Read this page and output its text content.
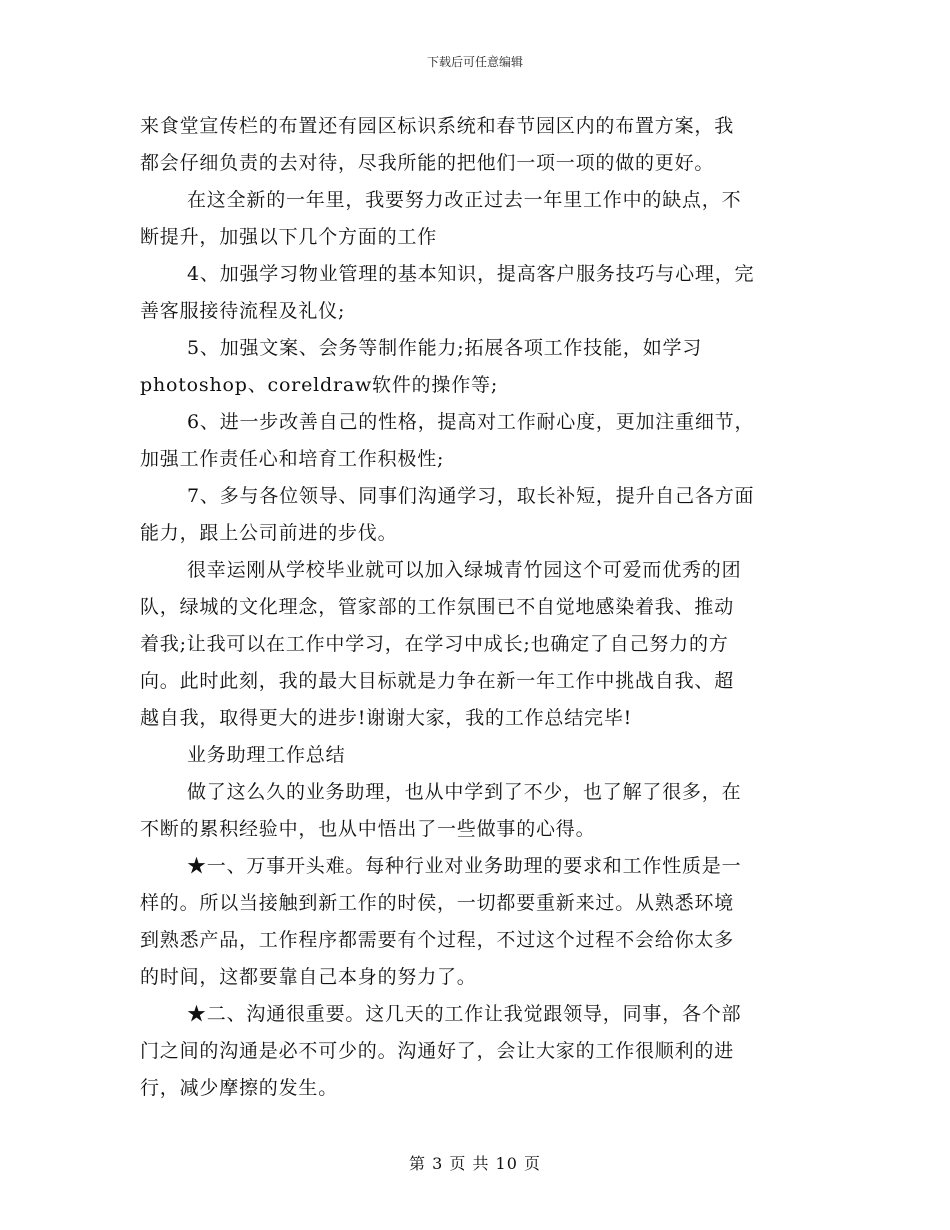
下载后可任意编辑
来食堂宣传栏的布置还有园区标识系统和春节园区内的布置方案，我
都会仔细负责的去对待，尽我所能的把他们一项一项的做的更好。
在这全新的一年里，我要努力改正过去一年里工作中的缺点，不
断提升，加强以下几个方面的工作
4、加强学习物业管理的基本知识，提高客户服务技巧与心理，完
善客服接待流程及礼仪;
5、加强文案、会务等制作能力;拓展各项工作技能，如学习
photoshop、coreldraw软件的操作等;
6、进一步改善自己的性格，提高对工作耐心度，更加注重细节，
加强工作责任心和培育工作积极性;
7、多与各位领导、同事们沟通学习，取长补短，提升自己各方面
能力，跟上公司前进的步伐。
很幸运刚从学校毕业就可以加入绿城青竹园这个可爱而优秀的团
队，绿城的文化理念，管家部的工作氛围已不自觉地感染着我、推动
着我;让我可以在工作中学习，在学习中成长;也确定了自己努力的方
向。此时此刻，我的最大目标就是力争在新一年工作中挑战自我、超
越自我，取得更大的进步!谢谢大家，我的工作总结完毕!
业务助理工作总结
做了这么久的业务助理，也从中学到了不少，也了解了很多，在
不断的累积经验中，也从中悟出了一些做事的心得。
★一、万事开头难。每种行业对业务助理的要求和工作性质是一
样的。所以当接触到新工作的时侯，一切都要重新来过。从熟悉环境
到熟悉产品，工作程序都需要有个过程，不过这个过程不会给你太多
的时间，这都要靠自己本身的努力了。
★二、沟通很重要。这几天的工作让我觉跟领导，同事，各个部
门之间的沟通是必不可少的。沟通好了，会让大家的工作很顺利的进
行，减少摩擦的发生。
第 3 页 共 10 页
